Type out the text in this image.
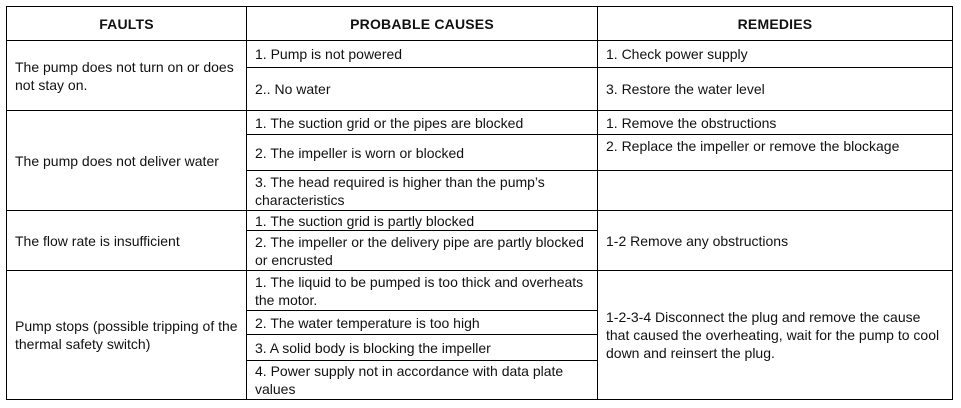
FAULTS	PROBABLE CAUSES	REMEDIES
The pump does not turn on or does not stay on.
1. Pump is not powered
2.. No water
1. Check power supply
3. Restore the water level
The pump does not deliver water
1. The suction grid or the pipes are blocked
2. The impeller is worn or blocked
3. The head required is higher than the pump’s characteristics
1. Remove the obstructions
2. Replace the impeller or remove the blockage
The flow rate is insufficient
1. The suction grid is partly blocked
2. The impeller or the delivery pipe are partly blocked or encrusted
1-2 Remove any obstructions
Pump stops (possible tripping of the thermal safety switch)
1. The liquid to be pumped is too thick and overheats the motor.
2. The water temperature is too high
3. A solid body is blocking the impeller
4. Power supply not in accordance with data plate values
1-2-3-4 Disconnect the plug and remove the cause that caused the overheating, wait for the pump to cool down and reinsert the plug.
